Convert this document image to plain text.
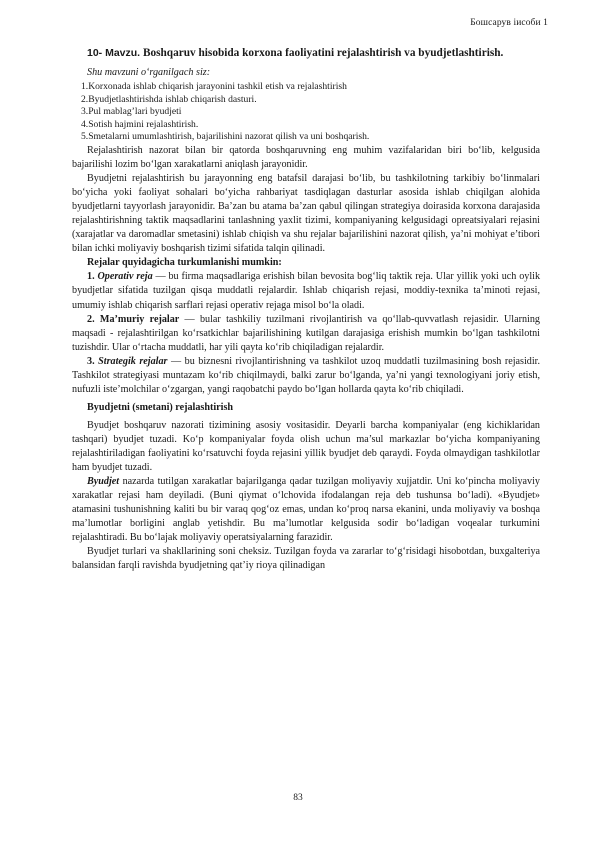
Бошсарув iисоби 1

10- Mavzu. Boshqaruv hisobida korxona faoliyatini rejalashtirish va byudjetlashtirish.

Shu mavzuni o‘rganilgach siz:

1.Korxonada ishlab chiqarish jarayonini tashkil etish va rejalashtirish
2.Byudjetlashtirishda ishlab chiqarish dasturi.
3.Pul mablag’lari byudjeti
4.Sotish hajmini rejalashtirish.
5.Smetalarni umumlashtirish, bajarilishini nazorat qilish va uni boshqarish.

Rejalashtirish nazorat bilan bir qatorda boshqaruvning eng muhim vazifalaridan biri bo‘lib, kelgusida bajarilishi lozim bo‘lgan xarakatlarni aniqlash jarayonidir.

Byudjetni rejalashtirish bu jarayonning eng batafsil darajasi bo‘lib, bu tashkilotning tarkibiy bo‘linmalari bo‘yicha yoki faoliyat sohalari bo‘yicha rahbariyat tasdiqlagan dasturlar asosida ishlab chiqilgan alohida byudjetlarni tayyorlash jarayonidir. Ba’zan bu atama ba’zan qabul qilingan strategiya doirasida korxona darajasida rejalashtirishning taktik maqsadlarini tanlashning yaxlit tizimi, kompaniyaning kelgusidagi opreatsiyalari rejasini (xarajatlar va daromadlar smetasini) ishlab chiqish va shu rejalar bajarilishini nazorat qilish, ya’ni mohiyat e’tibori bilan ichki moliyaviy boshqarish tizimi sifatida talqin qilinadi.

Rejalar quyidagicha turkumlanishi mumkin:

1. Operativ reja — bu firma maqsadlariga erishish bilan bevosita bog‘liq taktik reja. Ular yillik yoki uch oylik byudjetlar sifatida tuzilgan qisqa muddatli rejalardir. Ishlab chiqarish rejasi, moddiy-texnika ta’minoti rejasi, umumiy ishlab chiqarish sarflari rejasi operativ rejaga misol bo‘la oladi.

2. Ma’muriy rejalar — bular tashkiliy tuzilmani rivojlantirish va qo‘llab-quvvatlash rejasidir. Ularning maqsadi - rejalashtirilgan ko‘rsatkichlar bajarilishining kutilgan darajasiga erishish mumkin bo‘lgan tashkilotni tuzishdir. Ular o‘rtacha muddatli, har yili qayta ko‘rib chiqiladigan rejalardir.

3. Strategik rejalar — bu biznesni rivojlantirishning va tashkilot uzoq muddatli tuzilmasining bosh rejasidir. Tashkilot strategiyasi muntazam ko‘rib chiqilmaydi, balki zarur bo‘lganda, ya’ni yangi texnologiyani joriy etish, nufuzli iste’molchilar o‘zgargan, yangi raqobatchi paydo bo‘lgan hollarda qayta ko‘rib chiqiladi.

Byudjetni (smetani) rejalashtirish

Byudjet boshqaruv nazorati tizimining asosiy vositasidir. Deyarli barcha kompaniyalar (eng kichiklaridan tashqari) byudjet tuzadi. Ko‘p kompaniyalar foyda olish uchun ma’sul markazlar bo‘yicha kompaniyaning rejalashtiriladigan faoliyatini ko‘rsatuvchi foyda rejasini yillik byudjet deb qaraydi. Foyda olmaydigan tashkilotlar ham byudjet tuzadi.

Byudjet nazarda tutilgan xarakatlar bajarilganga qadar tuzilgan moliyaviy xujjatdir. Uni ko‘pincha moliyaviy xarakatlar rejasi ham deyiladi. (Buni qiymat o‘lchovida ifodalangan reja deb tushunsa bo‘ladi). «Byudjet» atamasini tushunishning kaliti bu bir varaq qog‘oz emas, undan ko‘proq narsa ekanini, unda moliyaviy va boshqa ma’lumotlar borligini anglab yetishdir. Bu ma’lumotlar kelgusida sodir bo‘ladigan voqealar turkumini rejalashtiradi. Bu bo‘lajak moliyaviy operatsiyalarning farazidir.

Byudjet turlari va shakllarining soni cheksiz. Tuzilgan foyda va zararlar to‘g‘risidagi hisobotdan, buxgalteriya balansidan farqli ravishda byudjetning qat’iy rioya qilinadigan

83
